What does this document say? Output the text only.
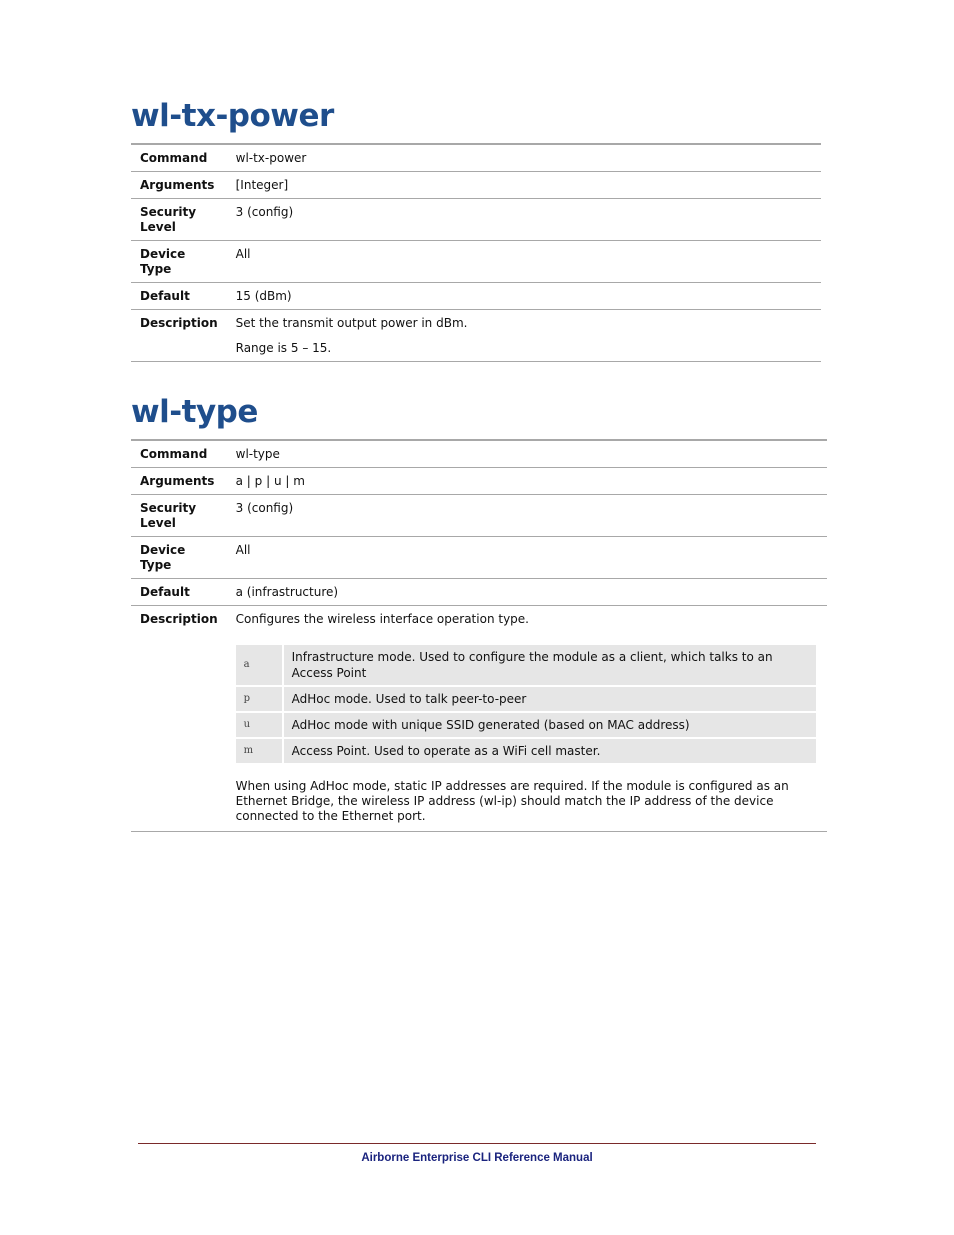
wl-tx-power
Command	wl-tx-power
Arguments	[Integer]
Security Level	3 (config)
Device Type	All
Default	15 (dBm)
Description	Set the transmit output power in dBm.

Range is 5 – 15.

wl-type
Command	wl-type
Arguments	a | p | u | m
Security Level	3 (config)
Device Type	All
Default	a (infrastructure)
Description	Configures the wireless interface operation type.

a	Infrastructure mode. Used to configure the module as a client, which talks to an Access Point
p	AdHoc mode. Used to talk peer-to-peer
u	AdHoc mode with unique SSID generated (based on MAC address)
m	Access Point. Used to operate as a WiFi cell master.

When using AdHoc mode, static IP addresses are required. If the module is configured as an Ethernet Bridge, the wireless IP address (wl-ip) should match the IP address of the device connected to the Ethernet port.

Airborne Enterprise CLI Reference Manual
